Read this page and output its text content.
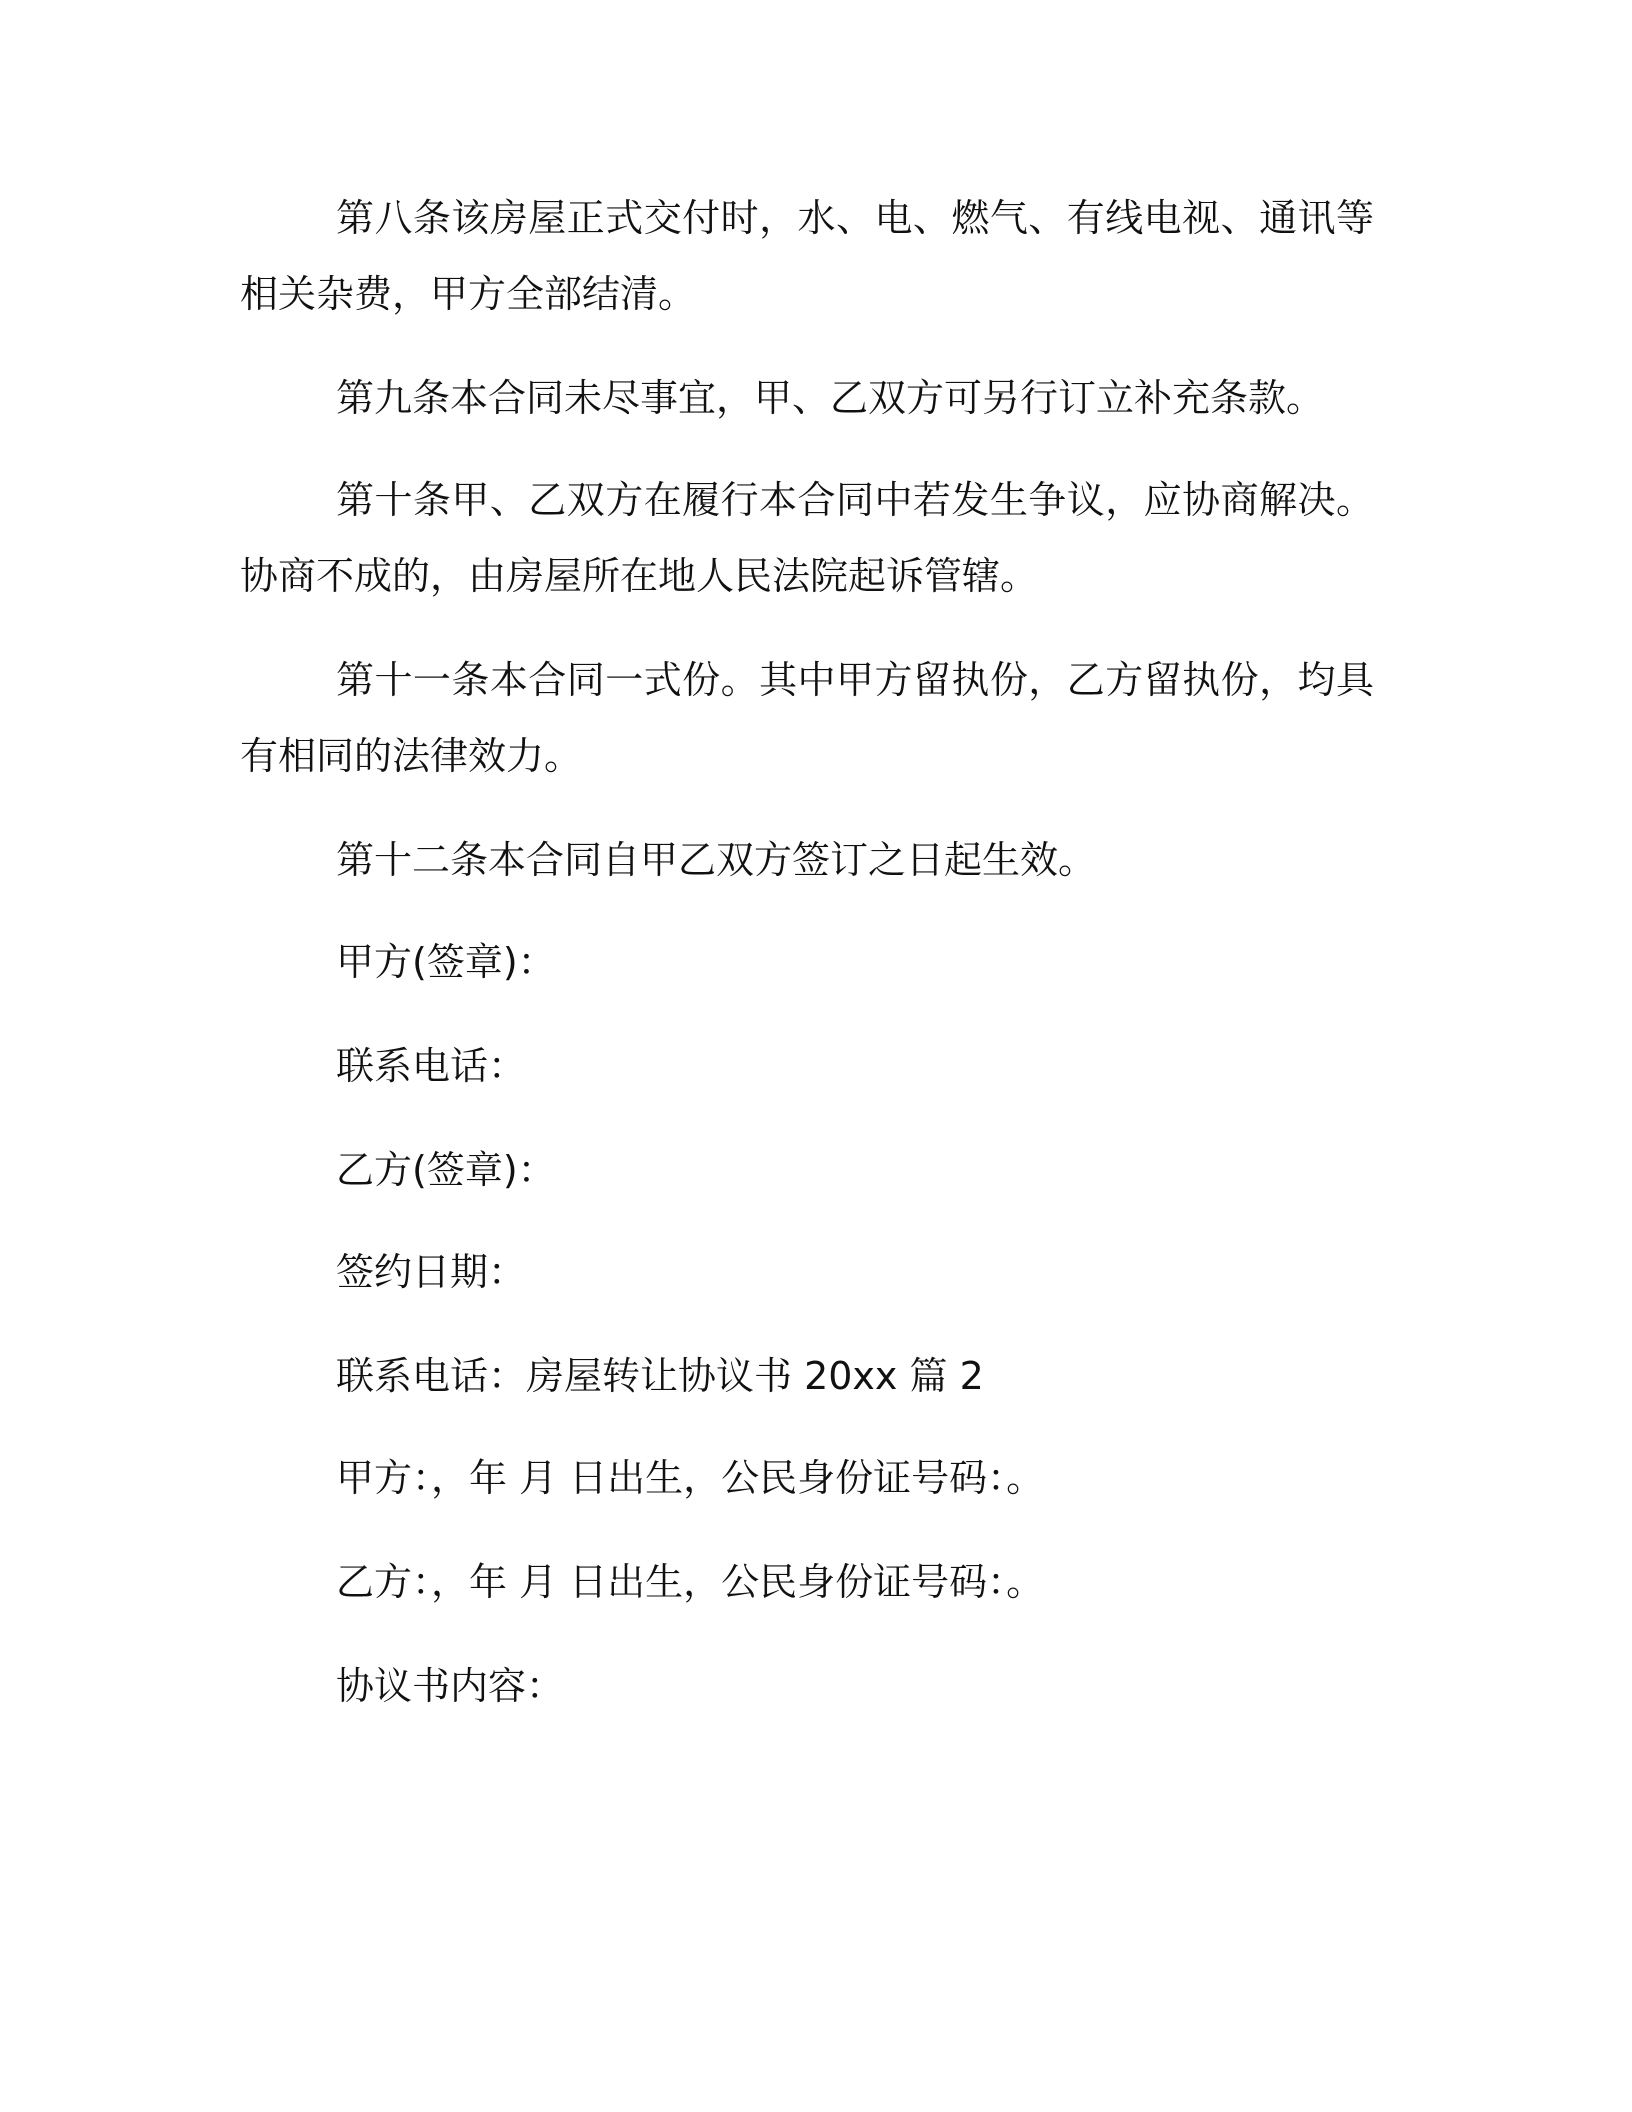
第八条该房屋正式交付时，水、电、燃气、有线电视、通讯等相关杂费，甲方全部结清。

第九条本合同未尽事宜，甲、乙双方可另行订立补充条款。

第十条甲、乙双方在履行本合同中若发生争议，应协商解决。协商不成的，由房屋所在地人民法院起诉管辖。

第十一条本合同一式份。其中甲方留执份，乙方留执份，均具有相同的法律效力。

第十二条本合同自甲乙双方签订之日起生效。

甲方(签章)：

联系电话：

乙方(签章)：

签约日期：

联系电话：房屋转让协议书 20xx 篇 2

甲方：，年 月 日出生，公民身份证号码：。

乙方：，年 月 日出生，公民身份证号码：。

协议书内容：
